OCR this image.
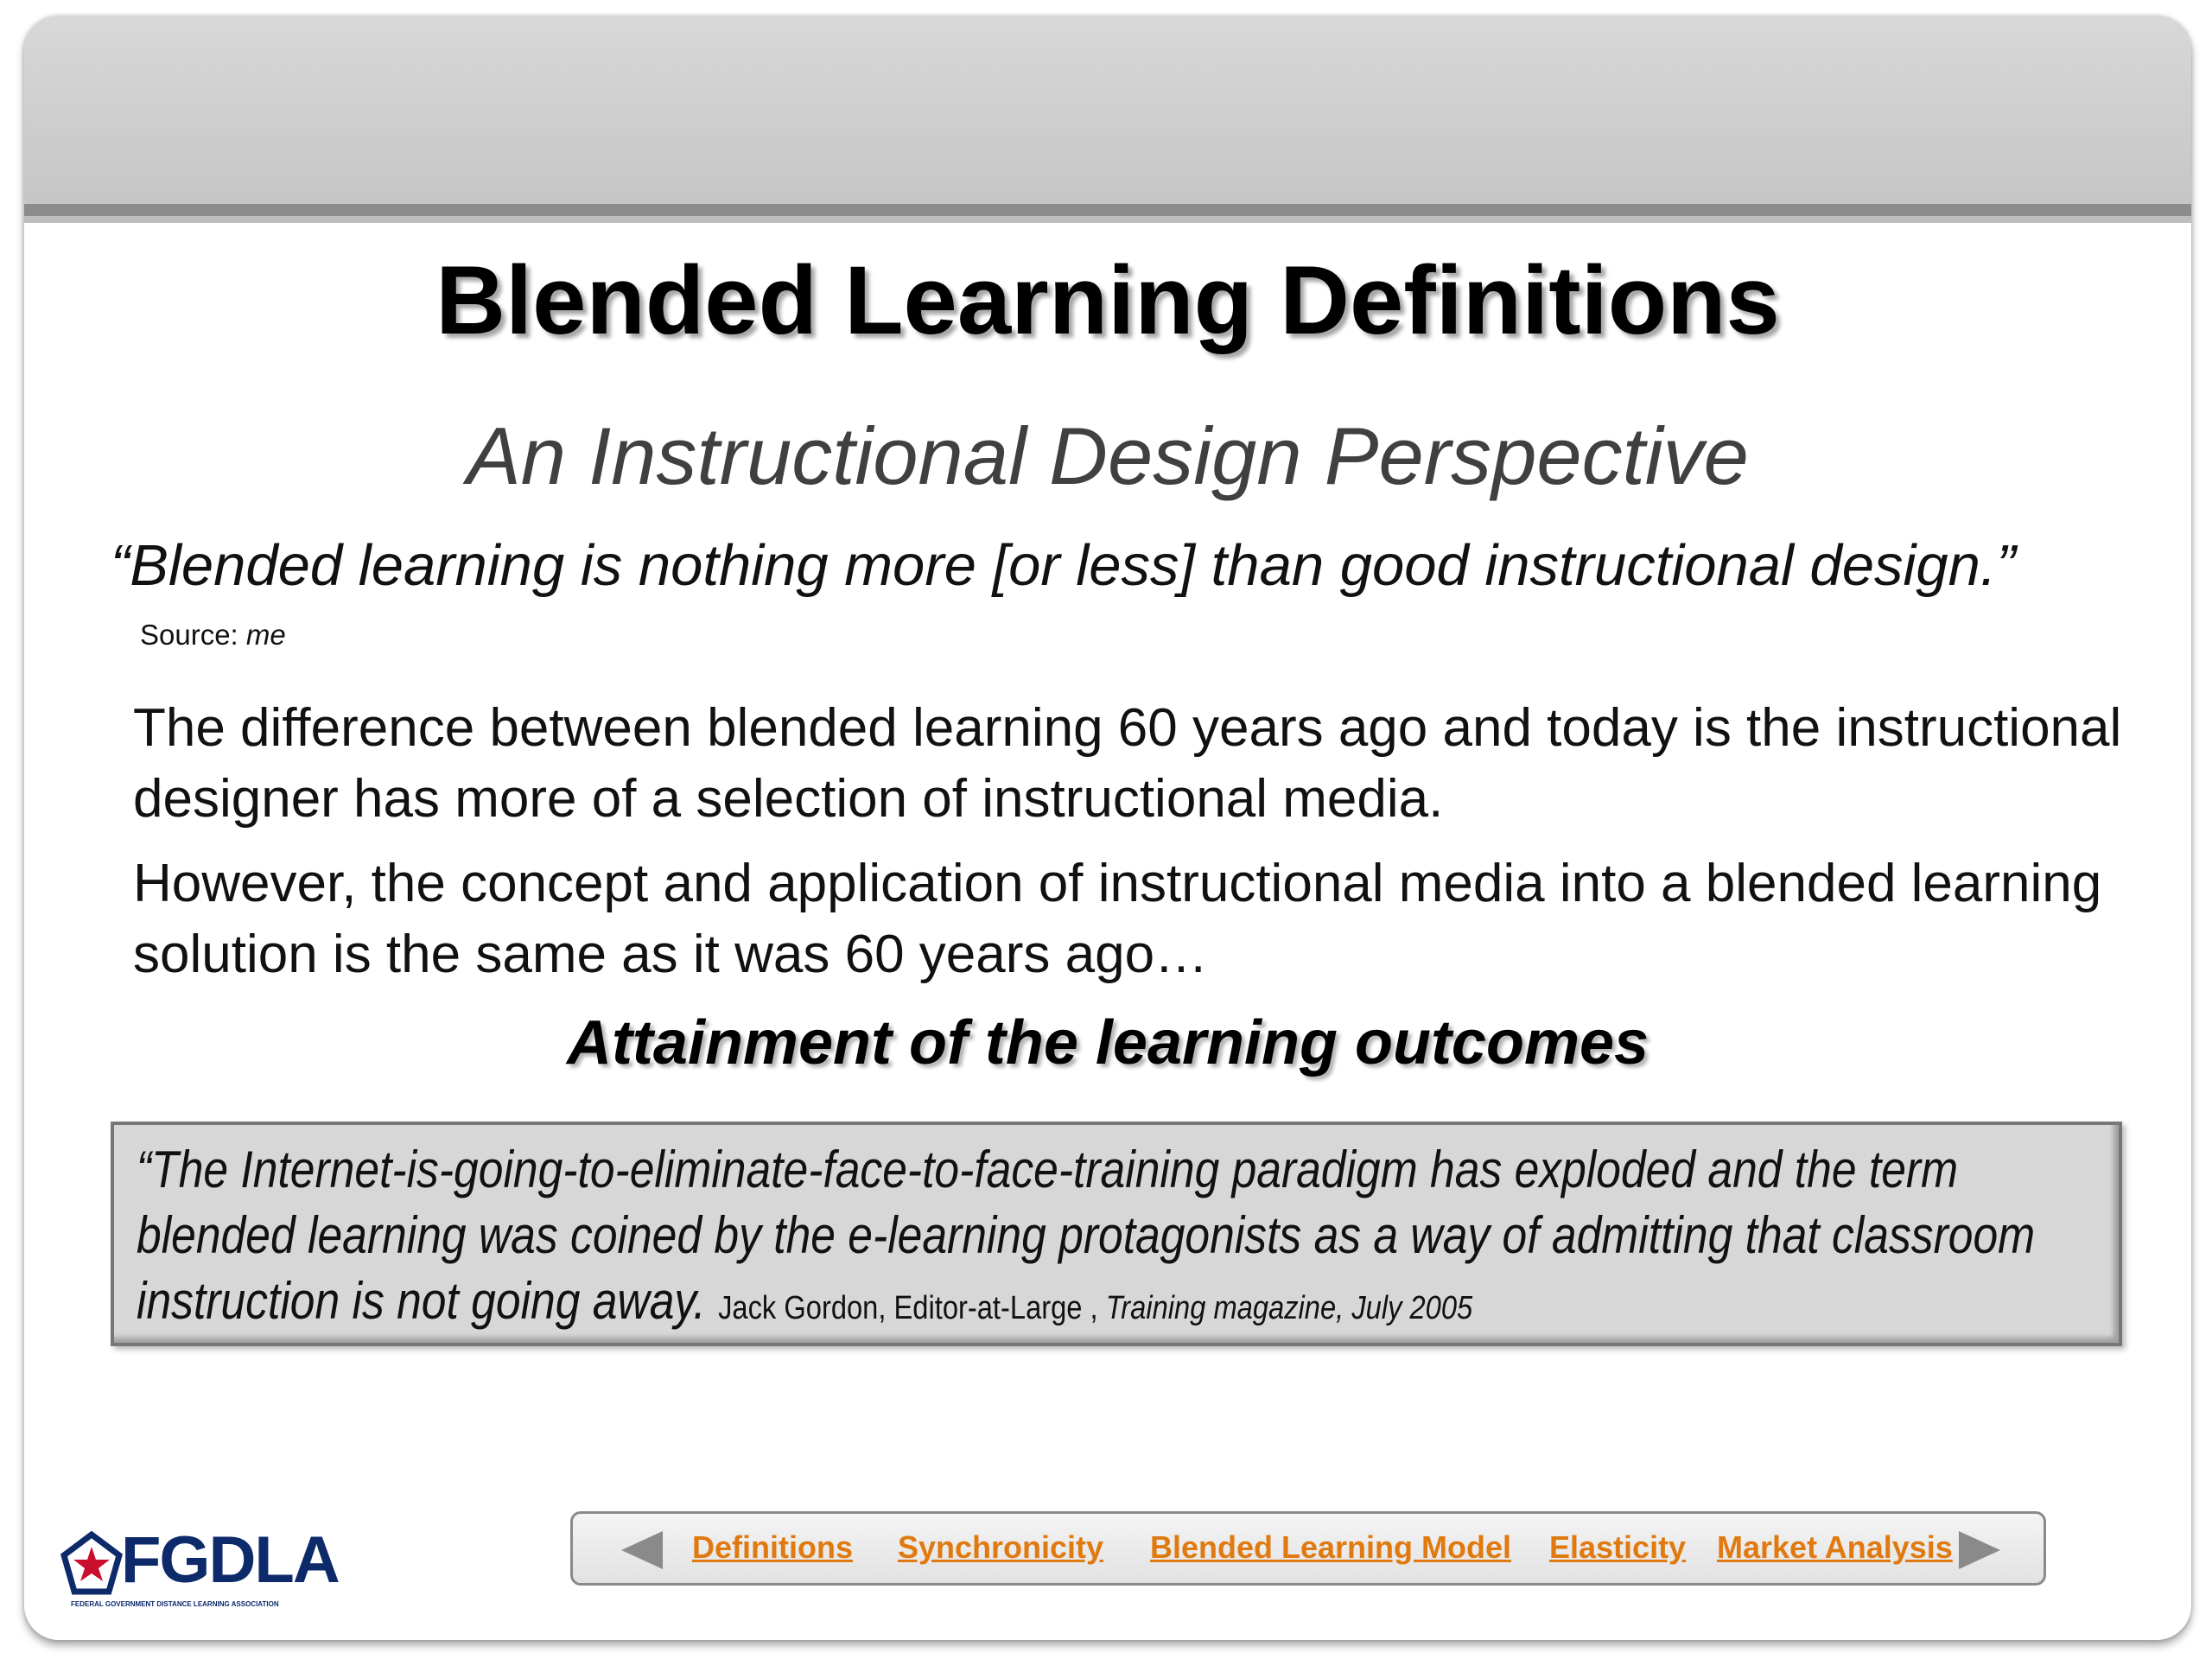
Blended Learning Definitions
An Instructional Design Perspective
“Blended learning is nothing more [or less] than good instructional design.”
Source: me
The difference between blended learning 60 years ago and today is the instructional designer has more of a selection of instructional media.
However, the concept and application of instructional media into a blended learning solution is the same as it was 60 years ago…
Attainment of the learning outcomes
“The Internet-is-going-to-eliminate-face-to-face-training paradigm has exploded and the term blended learning was coined by the e-learning protagonists as a way of admitting that classroom instruction is not going away. Jack Gordon, Editor-at-Large , Training magazine, July 2005
FGDLA
FEDERAL GOVERNMENT DISTANCE LEARNING ASSOCIATION
Definitions Synchronicity Blended Learning Model Elasticity Market Analysis
